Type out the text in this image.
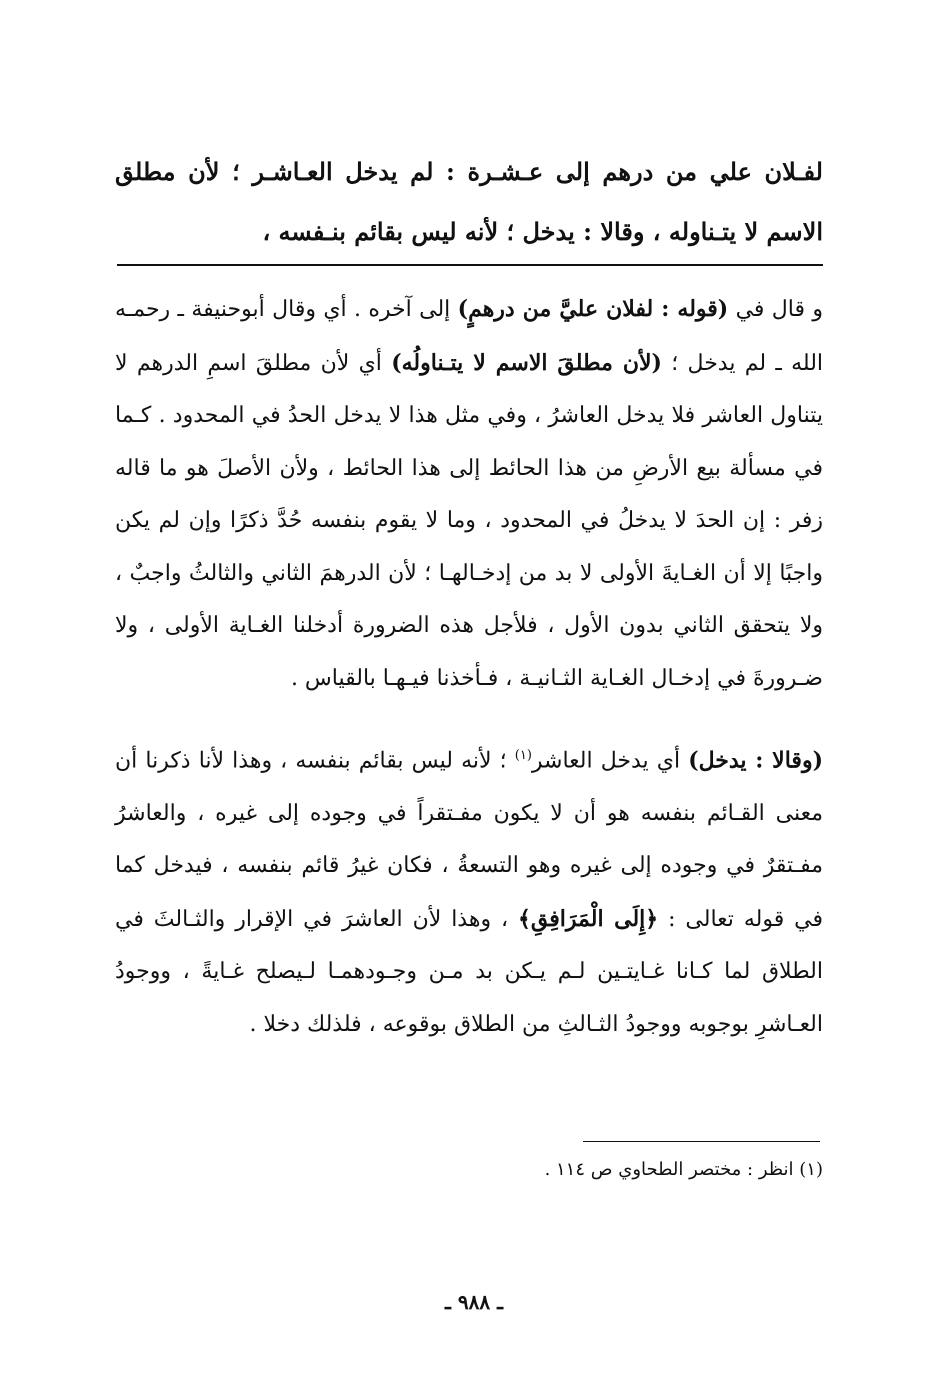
لفـلان علي من درهم إلى عـشـرة : لم يدخل العـاشـر ؛ لأن مطلق الاسم لا يتـناوله ، وقالا : يدخل ؛ لأنه ليس بقائم بنـفسه ،

و قال في (قوله : لفلان عليَّ من درهمٍ) إلى آخره . أي وقال أبوحنيفة ـ رحمـه الله ـ لم يدخل ؛ (لأن مطلقَ الاسم لا يتـناولُه) أي لأن مطلقَ اسمِ الدرهم لا يتناول العاشر فلا يدخل العاشرُ ، وفي مثل هذا لا يدخل الحدُ في المحدود . كـما في مسألة بيع الأرضِ من هذا الحائط إلى هذا الحائط ، ولأن الأصلَ هو ما قاله زفر : إن الحدَ لا يدخلُ في المحدود ، وما لا يقوم بنفسه حُدَّ ذكرًا وإن لم يكن واجبًا إلا أن الغـايةَ الأولى لا بد من إدخـالهـا ؛ لأن الدرهمَ الثاني والثالثُ واجبٌ ، ولا يتحقق الثاني بدون الأول ، فلأجل هذه الضرورة أدخلنا الغـاية الأولى ، ولا ضـرورةَ في إدخـال الغـاية الثـانيـة ، فـأخذنا فيـهـا بالقياس .

(وقالا : يدخل) أي يدخل العاشر$^{(١)}$ ؛ لأنه ليس بقائم بنفسه ، وهذا لأنا ذكرنا أن معنى القـائم بنفسه هو أن لا يكون مفـتقراً في وجوده إلى غيره ، والعاشرُ مفـتقرٌ في وجوده إلى غيره وهو التسعةُ ، فكان غيرُ قائم بنفسه ، فيدخل كما في قوله تعالى : ﴿إِلَى الْمَرَافِقِ﴾ ، وهذا لأن العاشرَ في الإقرار والثـالثَ في الطلاق لما كـانا غـايتـين لـم يـكن بد مـن وجـودهمـا لـيصلح غـايةً ، ووجودُ العـاشرِ بوجوبه ووجودُ الثـالثِ من الطلاق بوقوعه ، فلذلك دخلا .

(١) انظر : مختصر الطحاوي ص ١١٤ .

ـ ٩٨٨ ـ
